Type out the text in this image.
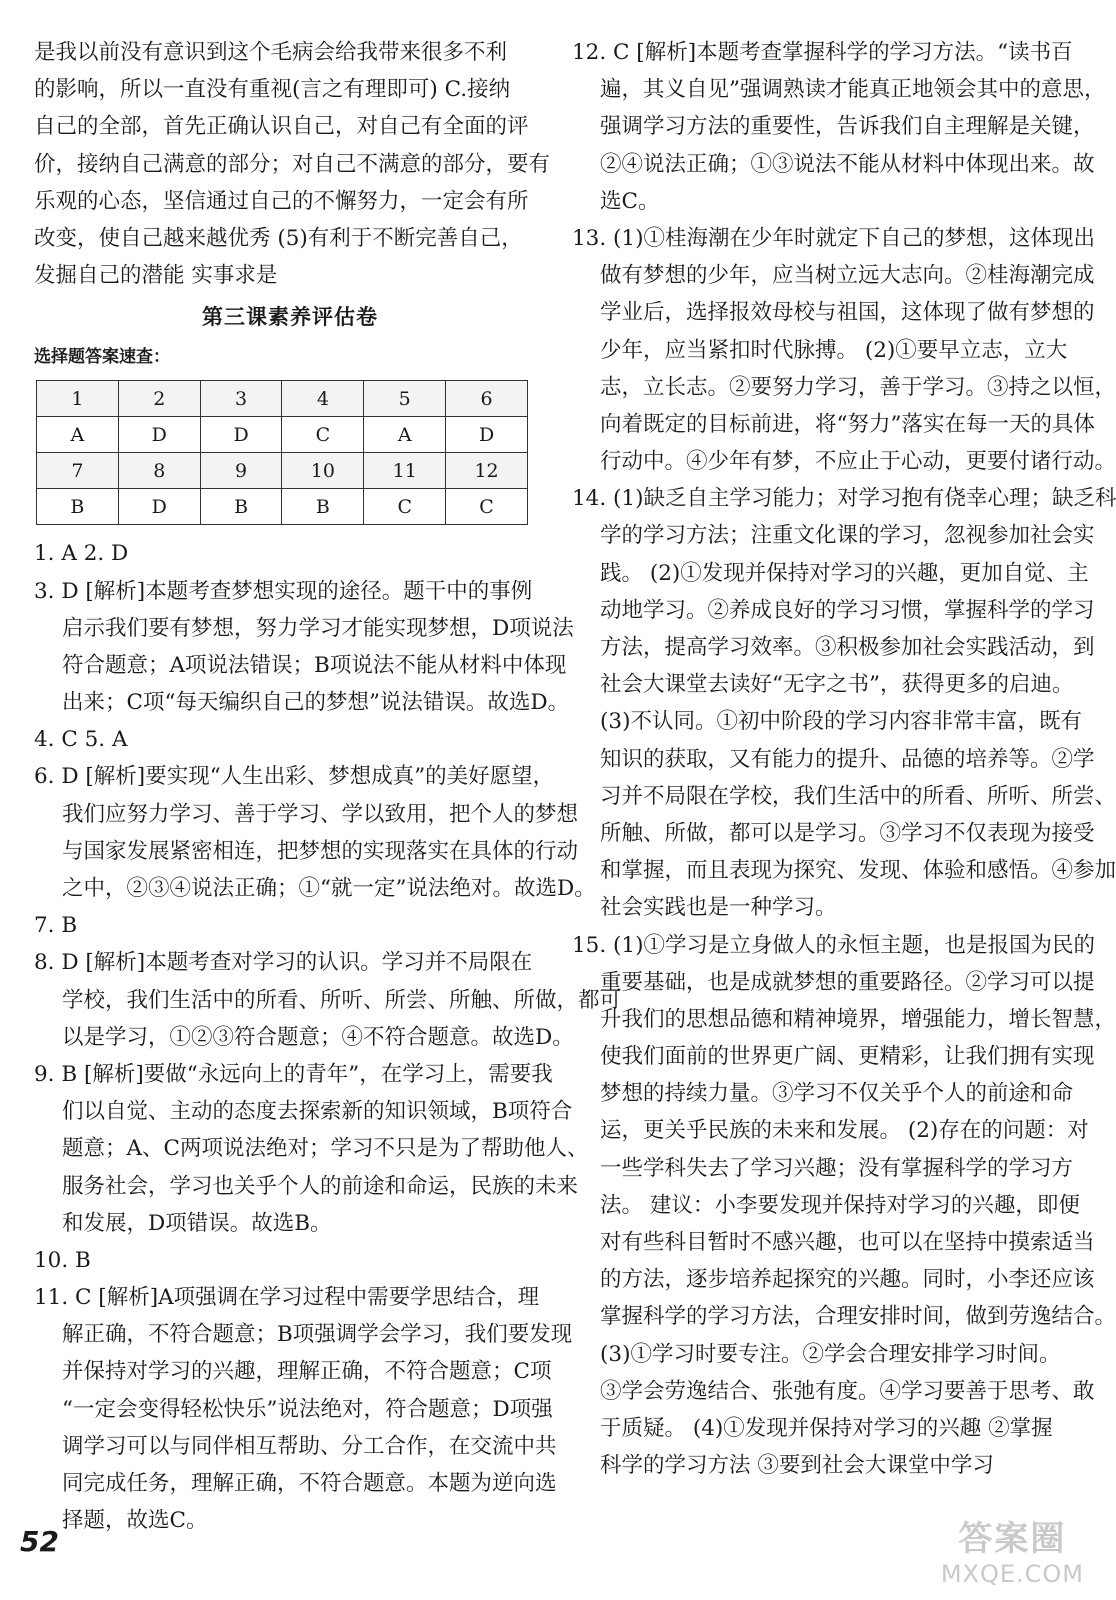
是我以前没有意识到这个毛病会给我带来很多不利
的影响，所以一直没有重视(言之有理即可) C.接纳
自己的全部，首先正确认识自己，对自己有全面的评
价，接纳自己满意的部分；对自己不满意的部分，要有
乐观的心态，坚信通过自己的不懈努力，一定会有所
改变，使自己越来越优秀 (5)有利于不断完善自己，
发掘自己的潜能 实事求是
第三课素养评估卷
选择题答案速查：
1	2	3	4	5	6
A	D	D	C	A	D
7	8	9	10	11	12
B	D	B	B	C	C
1. A 2. D
3. D [解析]本题考查梦想实现的途径。题干中的事例
启示我们要有梦想，努力学习才能实现梦想，D项说法
符合题意；A项说法错误；B项说法不能从材料中体现
出来；C项“每天编织自己的梦想”说法错误。故选D。
4. C 5. A
6. D [解析]要实现“人生出彩、梦想成真”的美好愿望，
我们应努力学习、善于学习、学以致用，把个人的梦想
与国家发展紧密相连，把梦想的实现落实在具体的行动
之中，②③④说法正确；①“就一定”说法绝对。故选D。
7. B
8. D [解析]本题考查对学习的认识。学习并不局限在
学校，我们生活中的所看、所听、所尝、所触、所做，都可
以是学习，①②③符合题意；④不符合题意。故选D。
9. B [解析]要做“永远向上的青年”，在学习上，需要我
们以自觉、主动的态度去探索新的知识领域，B项符合
题意；A、C两项说法绝对；学习不只是为了帮助他人、
服务社会，学习也关乎个人的前途和命运，民族的未来
和发展，D项错误。故选B。
10. B
11. C [解析]A项强调在学习过程中需要学思结合，理
解正确，不符合题意；B项强调学会学习，我们要发现
并保持对学习的兴趣，理解正确，不符合题意；C项
“一定会变得轻松快乐”说法绝对，符合题意；D项强
调学习可以与同伴相互帮助、分工合作，在交流中共
同完成任务，理解正确，不符合题意。本题为逆向选
择题，故选C。
12. C [解析]本题考查掌握科学的学习方法。“读书百
遍，其义自见”强调熟读才能真正地领会其中的意思，
强调学习方法的重要性，告诉我们自主理解是关键，
②④说法正确；①③说法不能从材料中体现出来。故
选C。
13. (1)①桂海潮在少年时就定下自己的梦想，这体现出
做有梦想的少年，应当树立远大志向。②桂海潮完成
学业后，选择报效母校与祖国，这体现了做有梦想的
少年，应当紧扣时代脉搏。 (2)①要早立志，立大
志，立长志。②要努力学习，善于学习。③持之以恒，
向着既定的目标前进，将“努力”落实在每一天的具体
行动中。④少年有梦，不应止于心动，更要付诸行动。
14. (1)缺乏自主学习能力；对学习抱有侥幸心理；缺乏科
学的学习方法；注重文化课的学习，忽视参加社会实
践。 (2)①发现并保持对学习的兴趣，更加自觉、主
动地学习。②养成良好的学习习惯，掌握科学的学习
方法，提高学习效率。③积极参加社会实践活动，到
社会大课堂去读好“无字之书”，获得更多的启迪。
(3)不认同。①初中阶段的学习内容非常丰富，既有
知识的获取，又有能力的提升、品德的培养等。②学
习并不局限在学校，我们生活中的所看、所听、所尝、
所触、所做，都可以是学习。③学习不仅表现为接受
和掌握，而且表现为探究、发现、体验和感悟。④参加
社会实践也是一种学习。
15. (1)①学习是立身做人的永恒主题，也是报国为民的
重要基础，也是成就梦想的重要路径。②学习可以提
升我们的思想品德和精神境界，增强能力，增长智慧，
使我们面前的世界更广阔、更精彩，让我们拥有实现
梦想的持续力量。③学习不仅关乎个人的前途和命
运，更关乎民族的未来和发展。 (2)存在的问题：对
一些学科失去了学习兴趣；没有掌握科学的学习方
法。 建议：小李要发现并保持对学习的兴趣，即便
对有些科目暂时不感兴趣，也可以在坚持中摸索适当
的方法，逐步培养起探究的兴趣。同时，小李还应该
掌握科学的学习方法，合理安排时间，做到劳逸结合。
(3)①学习时要专注。②学会合理安排学习时间。
③学会劳逸结合、张弛有度。④学习要善于思考、敢
于质疑。 (4)①发现并保持对学习的兴趣 ②掌握
科学的学习方法 ③要到社会大课堂中学习
52	答案圈
MXQE.COM
